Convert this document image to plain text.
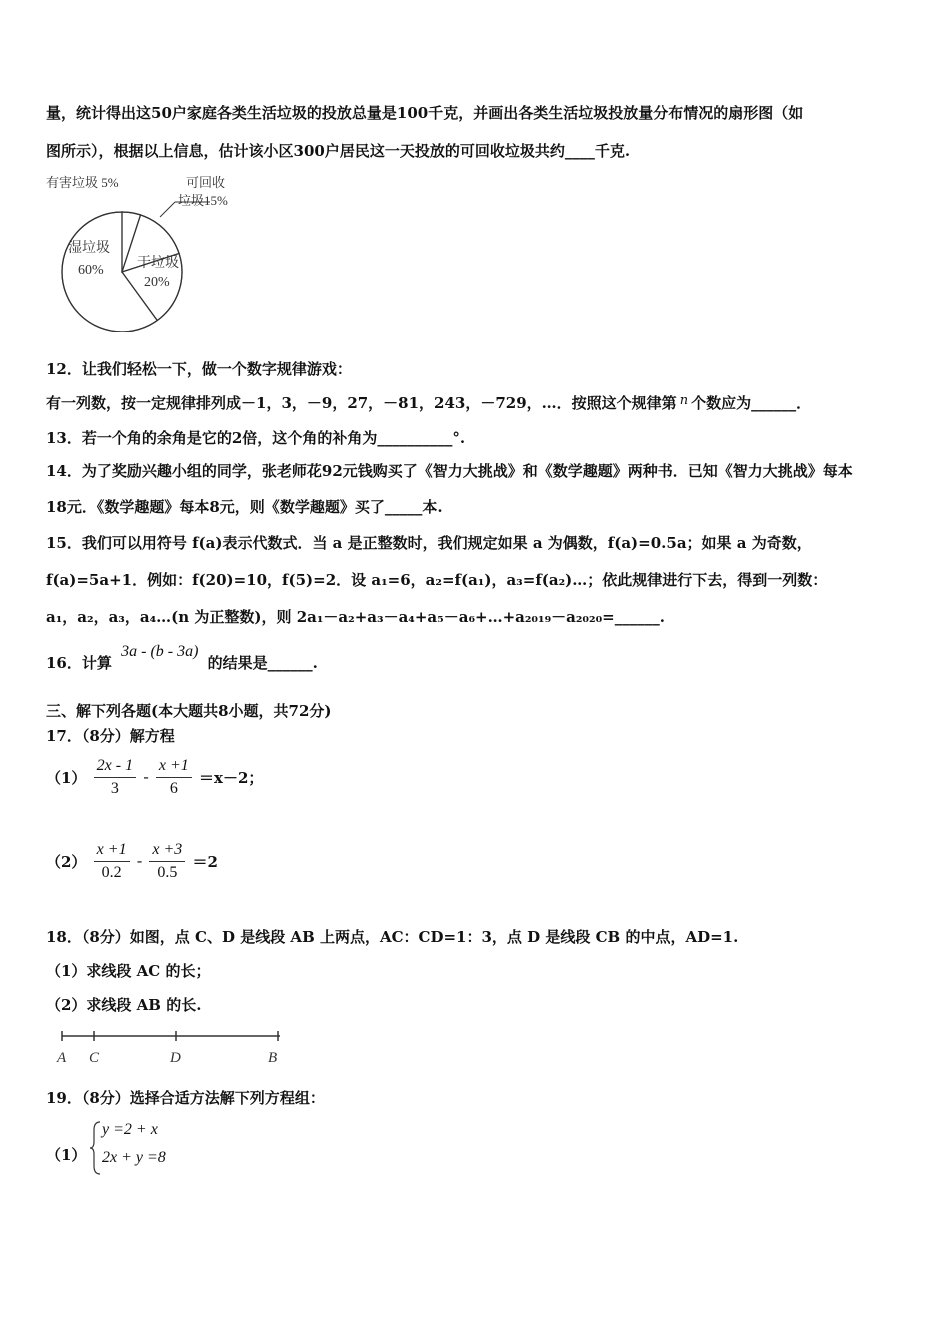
量，统计得出这50户家庭各类生活垃圾的投放总量是100千克，并画出各类生活垃圾投放量分布情况的扇形图（如
图所示），根据以上信息，估计该小区300户居民这一天投放的可回收垃圾共约____千克.
有害垃圾 5%	可回收
垃圾15%
湿垃圾
60% 干垃圾
20%
12．让我们轻松一下，做一个数字规律游戏：
有一列数，按一定规律排列成－1，3，－9，27，－81，243，－729，…．按照这个规律第 n 个数应为______．
13．若一个角的余角是它的2倍，这个角的补角为__________°.
14．为了奖励兴趣小组的同学，张老师花92元钱购买了《智力大挑战》和《数学趣题》两种书．已知《智力大挑战》每本
18元．《数学趣题》每本8元，则《数学趣题》买了_____本.
15．我们可以用符号 f(a)表示代数式．当 a 是正整数时，我们规定如果 a 为偶数，f(a)=0.5a；如果 a 为奇数，
f(a)=5a+1．例如：f(20)=10，f(5)=2．设 a₁=6，a₂=f(a₁)，a₃=f(a₂)…；依此规律进行下去，得到一列数：
a₁，a₂，a₃，a₄…(n 为正整数)，则 2a₁－a₂+a₃－a₄+a₅－a₆+…+a₂₀₁₉－a₂₀₂₀=______.
16．计算 3a - (b - 3a) 的结果是______.
三、解下列各题(本大题共8小题，共72分)
17．（8分）解方程
$(1) \frac{2x - 1}{3} - \frac{x +1}{6} =x-2$；
$(2) \frac{x +1}{0.2} - \frac{x +3}{0.5} =2$
18．（8分）如图，点 C、D 是线段 AB 上两点，AC：CD=1：3，点 D 是线段 CB 的中点，AD=1.
（1）求线段 AC 的长；
（2）求线段 AB 的长.
A C	D	B
19．（8分）选择合适方法解下列方程组：
（1）
y =2 + x
2x + y =8
